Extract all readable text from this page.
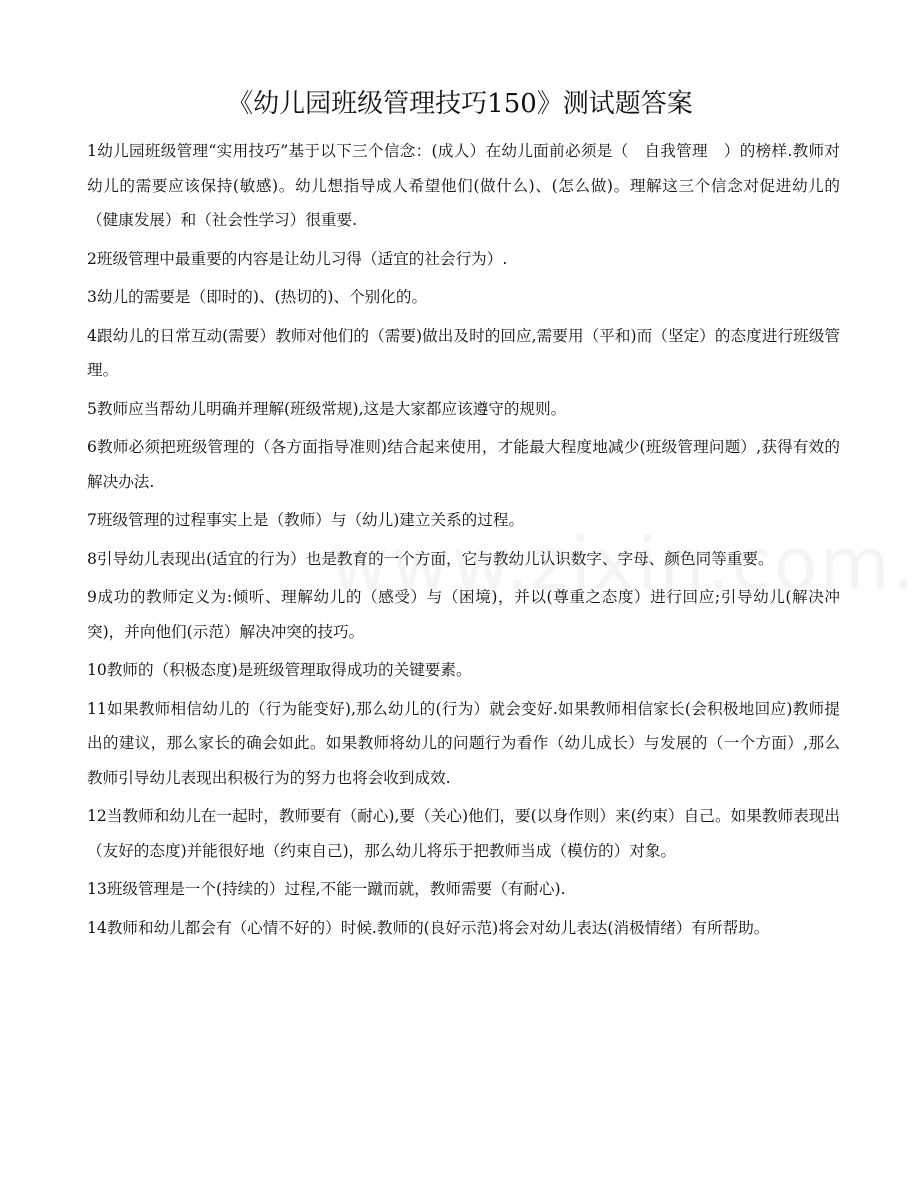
《幼儿园班级管理技巧150》测试题答案

1幼儿园班级管理“实用技巧”基于以下三个信念：(成人）在幼儿面前必须是（　自我管理　）的榜样.教师对幼儿的需要应该保持(敏感)。幼儿想指导成人希望他们(做什么)、(怎么做)。理解这三个信念对促进幼儿的（健康发展）和（社会性学习）很重要.

2班级管理中最重要的内容是让幼儿习得（适宜的社会行为）.

3幼儿的需要是（即时的)、(热切的)、个别化的。

4跟幼儿的日常互动(需要）教师对他们的（需要)做出及时的回应,需要用（平和)而（坚定）的态度进行班级管理。

5教师应当帮幼儿明确并理解(班级常规),这是大家都应该遵守的规则。

6教师必须把班级管理的（各方面指导准则)结合起来使用，才能最大程度地减少(班级管理问题）,获得有效的解决办法.

7班级管理的过程事实上是（教师）与（幼儿)建立关系的过程。

8引导幼儿表现出(适宜的行为）也是教育的一个方面，它与教幼儿认识数字、字母、颜色同等重要。

9成功的教师定义为:倾听、理解幼儿的（感受）与（困境)，并以(尊重之态度）进行回应;引导幼儿(解决冲突)，并向他们(示范）解决冲突的技巧。

10教师的（积极态度)是班级管理取得成功的关键要素。

11如果教师相信幼儿的（行为能变好),那么幼儿的(行为）就会变好.如果教师相信家长(会积极地回应)教师提出的建议，那么家长的确会如此。如果教师将幼儿的问题行为看作（幼儿成长）与发展的（一个方面）,那么教师引导幼儿表现出积极行为的努力也将会收到成效.

12当教师和幼儿在一起时，教师要有（耐心),要（关心)他们，要(以身作则）来(约束）自己。如果教师表现出（友好的态度)并能很好地（约束自己)，那么幼儿将乐于把教师当成（模仿的）对象。

13班级管理是一个(持续的）过程,不能一蹴而就，教师需要（有耐心).

14教师和幼儿都会有（心情不好的）时候.教师的(良好示范)将会对幼儿表达(消极情绪）有所帮助。
